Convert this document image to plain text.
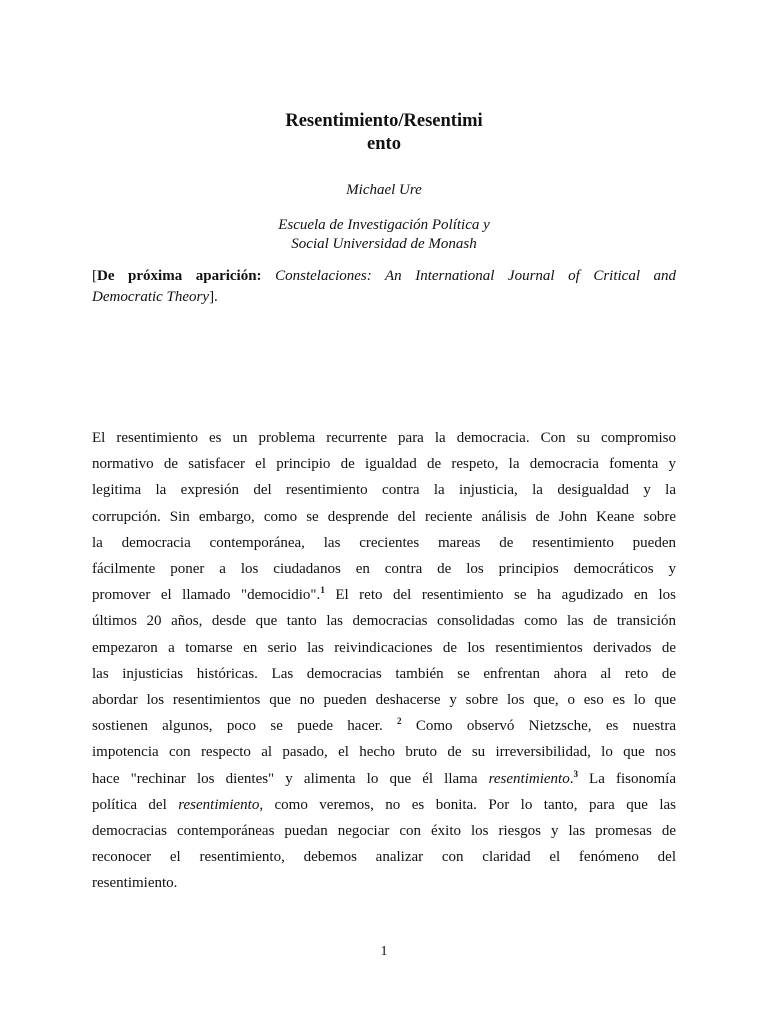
Resentimiento/Resentimi
ento
Michael Ure
Escuela de Investigación Política y
Social Universidad de Monash
[De próxima aparición: Constelaciones: An International Journal of Critical and
Democratic Theory].
El resentimiento es un problema recurrente para la democracia. Con su compromiso
normativo de satisfacer el principio de igualdad de respeto, la democracia fomenta y
legitima la expresión del resentimiento contra la injusticia, la desigualdad y la
corrupción. Sin embargo, como se desprende del reciente análisis de John Keane sobre
la democracia contemporánea, las crecientes mareas de resentimiento pueden
fácilmente poner a los ciudadanos en contra de los principios democráticos y
promover el llamado "democidio".$^1$ El reto del resentimiento se ha agudizado en los
últimos 20 años, desde que tanto las democracias consolidadas como las de transición
empezaron a tomarse en serio las reivindicaciones de los resentimientos derivados de
las injusticias históricas. Las democracias también se enfrentan ahora al reto de
abordar los resentimientos que no pueden deshacerse y sobre los que, o eso es lo que
sostienen algunos, poco se puede hacer. $^2$ Como observó Nietzsche, es nuestra
impotencia con respecto al pasado, el hecho bruto de su irreversibilidad, lo que nos
hace "rechinar los dientes" y alimenta lo que él llama resentimiento.$^3$ La fisonomía
política del resentimiento, como veremos, no es bonita. Por lo tanto, para que las
democracias contemporáneas puedan negociar con éxito los riesgos y las promesas de
reconocer el resentimiento, debemos analizar con claridad el fenómeno del
resentimiento.
1
